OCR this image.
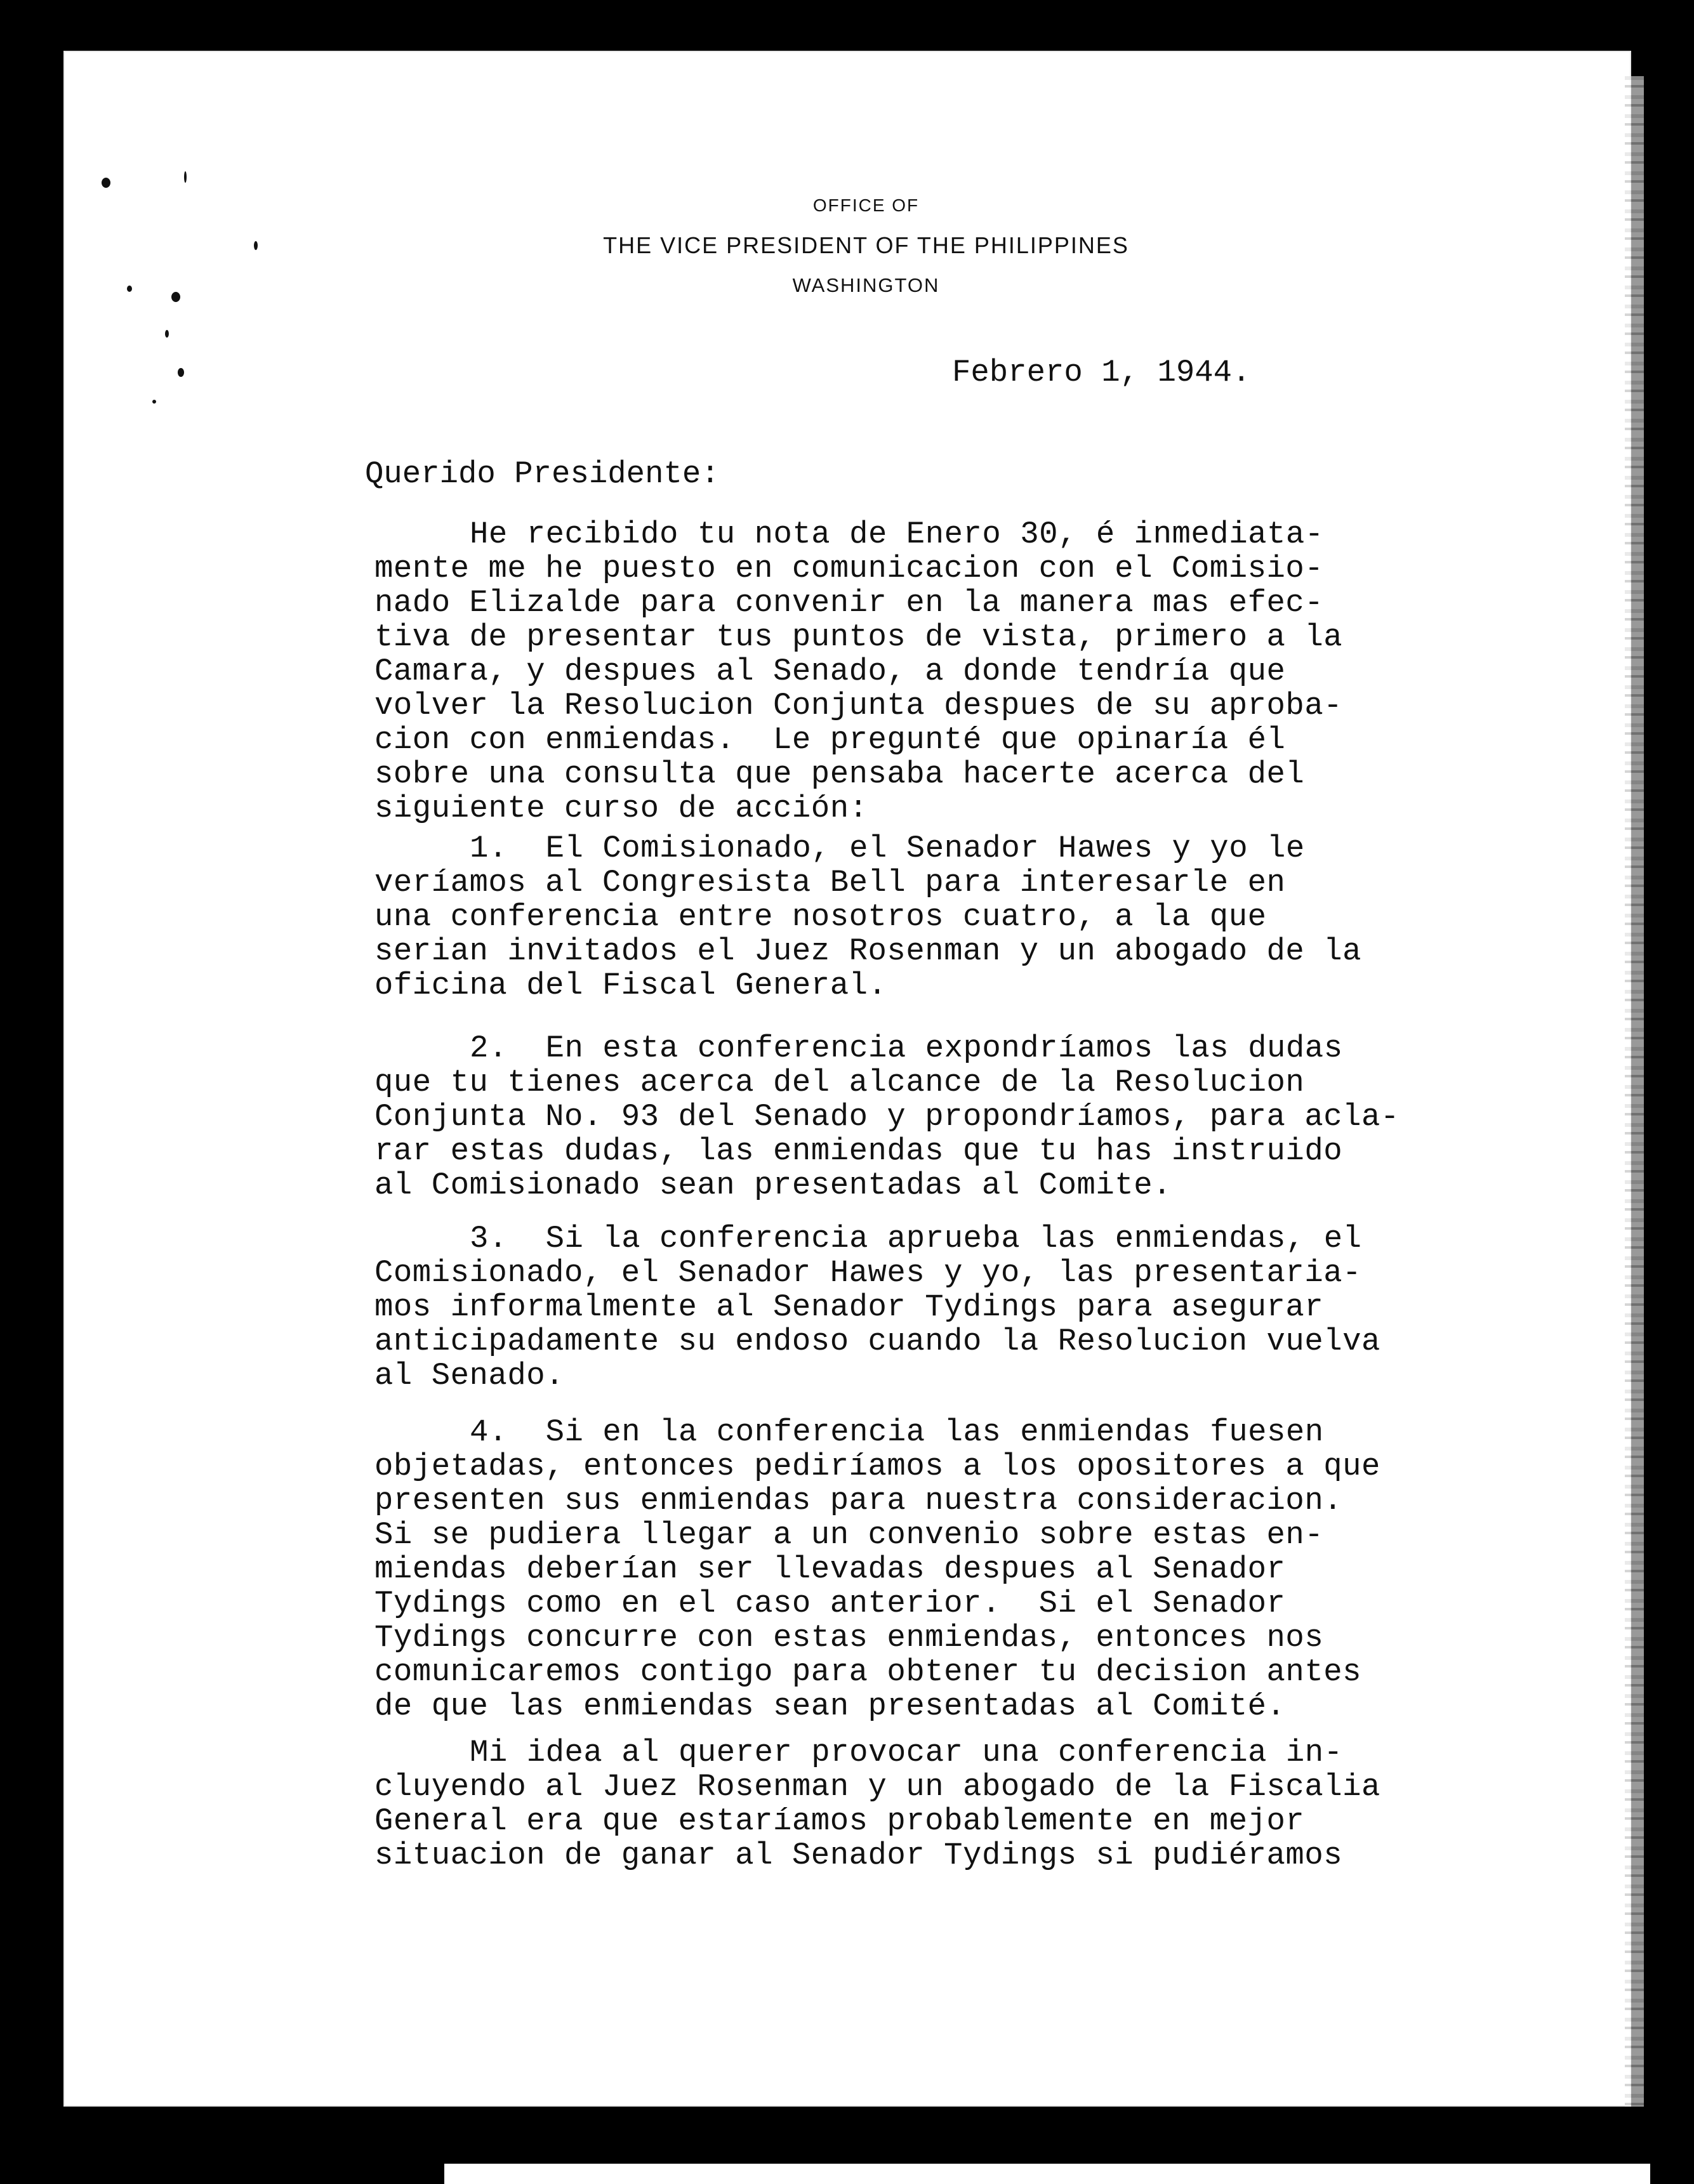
OFFICE OF
THE VICE PRESIDENT OF THE PHILIPPINES
WASHINGTON
Febrero 1, 1944.
Querido Presidente:
He recibido tu nota de Enero 30, é inmediata-
mente me he puesto en comunicacion con el Comisio-
nado Elizalde para convenir en la manera mas efec-
tiva de presentar tus puntos de vista, primero a la
Camara, y despues al Senado, a donde tendría que
volver la Resolucion Conjunta despues de su aproba-
cion con enmiendas.  Le pregunté que opinaría él
sobre una consulta que pensaba hacerte acerca del
siguiente curso de acción:
1.  El Comisionado, el Senador Hawes y yo le
veríamos al Congresista Bell para interesarle en
una conferencia entre nosotros cuatro, a la que
serian invitados el Juez Rosenman y un abogado de la
oficina del Fiscal General.
2.  En esta conferencia expondríamos las dudas
que tu tienes acerca del alcance de la Resolucion
Conjunta No. 93 del Senado y propondríamos, para acla-
rar estas dudas, las enmiendas que tu has instruido
al Comisionado sean presentadas al Comite.
3.  Si la conferencia aprueba las enmiendas, el
Comisionado, el Senador Hawes y yo, las presentaria-
mos informalmente al Senador Tydings para asegurar
anticipadamente su endoso cuando la Resolucion vuelva
al Senado.
4.  Si en la conferencia las enmiendas fuesen
objetadas, entonces pediríamos a los opositores a que
presenten sus enmiendas para nuestra consideracion.
Si se pudiera llegar a un convenio sobre estas en-
miendas deberían ser llevadas despues al Senador
Tydings como en el caso anterior.  Si el Senador
Tydings concurre con estas enmiendas, entonces nos
comunicaremos contigo para obtener tu decision antes
de que las enmiendas sean presentadas al Comité.
Mi idea al querer provocar una conferencia in-
cluyendo al Juez Rosenman y un abogado de la Fiscalia
General era que estaríamos probablemente en mejor
situacion de ganar al Senador Tydings si pudiéramos
